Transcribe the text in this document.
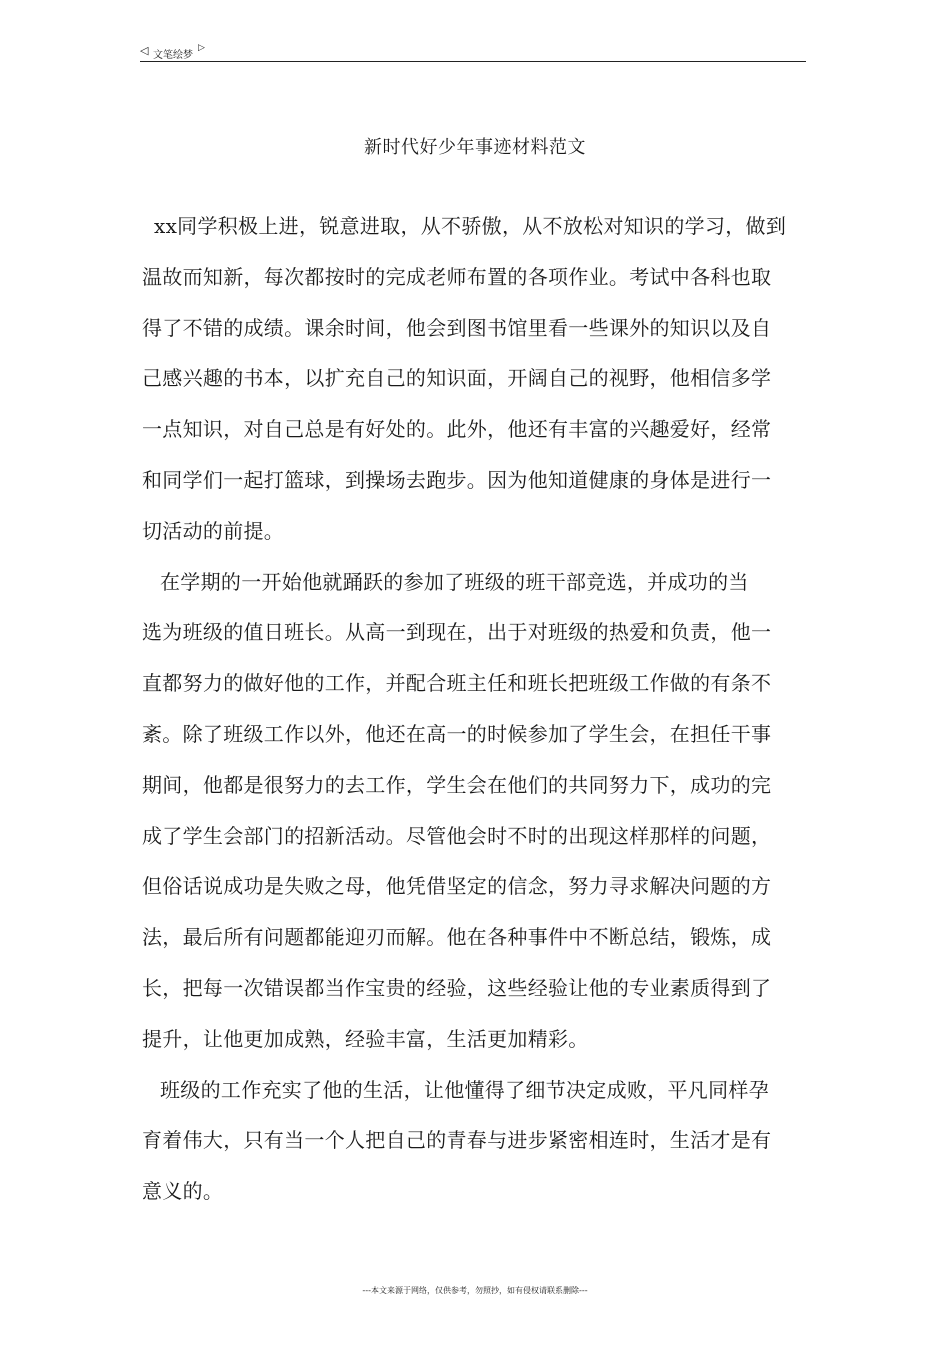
◁ 文笔绘梦
▷
新时代好少年事迹材料范文
xx同学积极上进，锐意进取，从不骄傲，从不放松对知识的学习，做到
温故而知新，每次都按时的完成老师布置的各项作业。考试中各科也取
得了不错的成绩。课余时间，他会到图书馆里看一些课外的知识以及自
己感兴趣的书本，以扩充自己的知识面，开阔自己的视野，他相信多学
一点知识，对自己总是有好处的。此外，他还有丰富的兴趣爱好，经常
和同学们一起打篮球，到操场去跑步。因为他知道健康的身体是进行一
切活动的前提。
在学期的一开始他就踊跃的参加了班级的班干部竞选，并成功的当
选为班级的值日班长。从高一到现在，出于对班级的热爱和负责，他一
直都努力的做好他的工作，并配合班主任和班长把班级工作做的有条不
紊。除了班级工作以外，他还在高一的时候参加了学生会，在担任干事
期间，他都是很努力的去工作，学生会在他们的共同努力下，成功的完
成了学生会部门的招新活动。尽管他会时不时的出现这样那样的问题，
但俗话说成功是失败之母，他凭借坚定的信念，努力寻求解决问题的方
法，最后所有问题都能迎刃而解。他在各种事件中不断总结，锻炼，成
长，把每一次错误都当作宝贵的经验，这些经验让他的专业素质得到了
提升，让他更加成熟，经验丰富，生活更加精彩。
班级的工作充实了他的生活，让他懂得了细节决定成败，平凡同样孕
育着伟大，只有当一个人把自己的青春与进步紧密相连时，生活才是有
意义的。
---本文来源于网络，仅供参考，勿照抄，如有侵权请联系删除---
